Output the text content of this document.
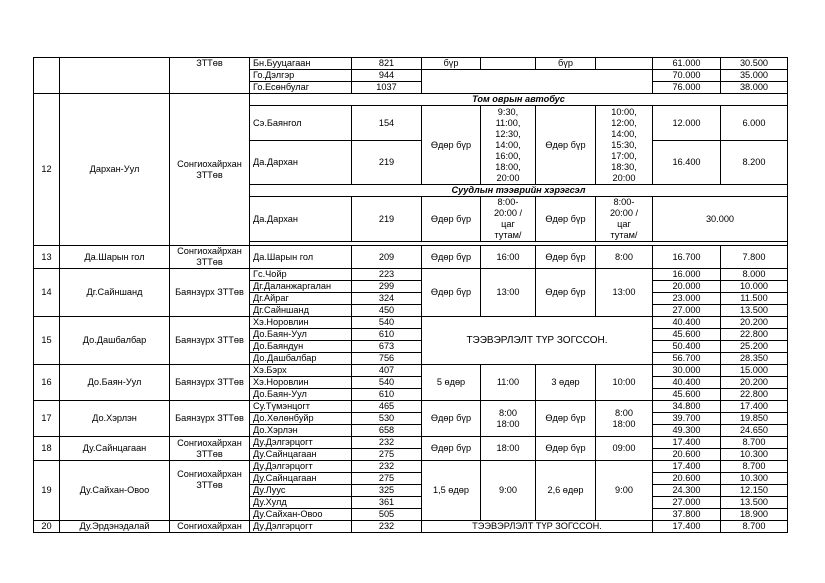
		ЗТТөв	Бн.Бууцагаан	821	бүр		бүр		61.000	30.500
			Го.Дэлгэр	944					70.000	35.000
			Го.Есөнбулаг	1037					76.000	38.000
12	Дархан-Уул	Сонгиохайрхан ЗТТөв	Том оврын автобус							
			Сэ.Баянгол	154	Өдөр бүр	9:30, 11:00, 12:30, 14:00, 16:00, 18:00, 20:00	Өдөр бүр	10:00, 12:00, 14:00, 15:30, 17:00, 18:30, 20:00	12.000	6.000
			Да.Дархан	219					16.400	8.200
			Суудлын тээврийн хэрэгсэл							
			Да.Дархан	219	Өдөр бүр	8:00-20:00 /цаг тутам/	Өдөр бүр	8:00-20:00 /цаг тутам/	30.000	

13	Да.Шарын гол	Сонгиохайрхан ЗТТөв	Да.Шарын гол	209	Өдөр бүр	16:00	Өдөр бүр	8:00	16.700	7.800
14	Дг.Сайншанд	Баянзүрх ЗТТөв	Гс.Чойр	223	Өдөр бүр	13:00	Өдөр бүр	13:00	16.000	8.000
			Дг.Даланжаргалан	299					20.000	10.000
			Дг.Айраг	324					23.000	11.500
			Дг.Сайншанд	450					27.000	13.500
15	До.Дашбалбар	Баянзүрх ЗТТөв	Хэ.Норовлин	540	ТЭЭВЭРЛЭЛТ ТҮР ЗОГССОН.				40.400	20.200
			До.Баян-Уул	610					45.600	22.800
			До.Баяндун	673					50.400	25.200
			До.Дашбалбар	756					56.700	28.350
16	До.Баян-Уул	Баянзүрх ЗТТөв	Хэ.Бэрх	407	5 өдөр	11:00	3 өдөр	10:00	30.000	15.000
			Хэ.Норовлин	540					40.400	20.200
			До.Баян-Уул	610					45.600	22.800
17	До.Хэрлэн	Баянзүрх ЗТТөв	Су.Түмэнцогт	465	Өдөр бүр	8:00 18:00	Өдөр бүр	8:00 18:00	34.800	17.400
			До.Хөлөнбуйр	530					39.700	19.850
			До.Хэрлэн	658					49.300	24.650
18	Ду.Сайнцагаан	Сонгиохайрхан ЗТТөв	Ду.Дэлгэрцогт	232	Өдөр бүр	18:00	Өдөр бүр	09:00	17.400	8.700
			Ду.Сайнцагаан	275					20.600	10.300
19	Ду.Сайхан-Овоо	Сонгиохайрхан ЗТТөв	Ду.Дэлгэрцогт	232	1,5 өдөр	9:00	2,6 өдөр	9:00	17.400	8.700
			Ду.Сайнцагаан	275					20.600	10.300
			Ду.Луус	325					24.300	12.150
			Ду.Хулд	361					27.000	13.500
			Ду.Сайхан-Овоо	505					37.800	18.900
20	Ду.Эрдэнэдалай	Сонгиохайрхан	Ду.Дэлгэрцогт	232	ТЭЭВЭРЛЭЛТ ТҮР ЗОГССОН.				17.400	8.700
